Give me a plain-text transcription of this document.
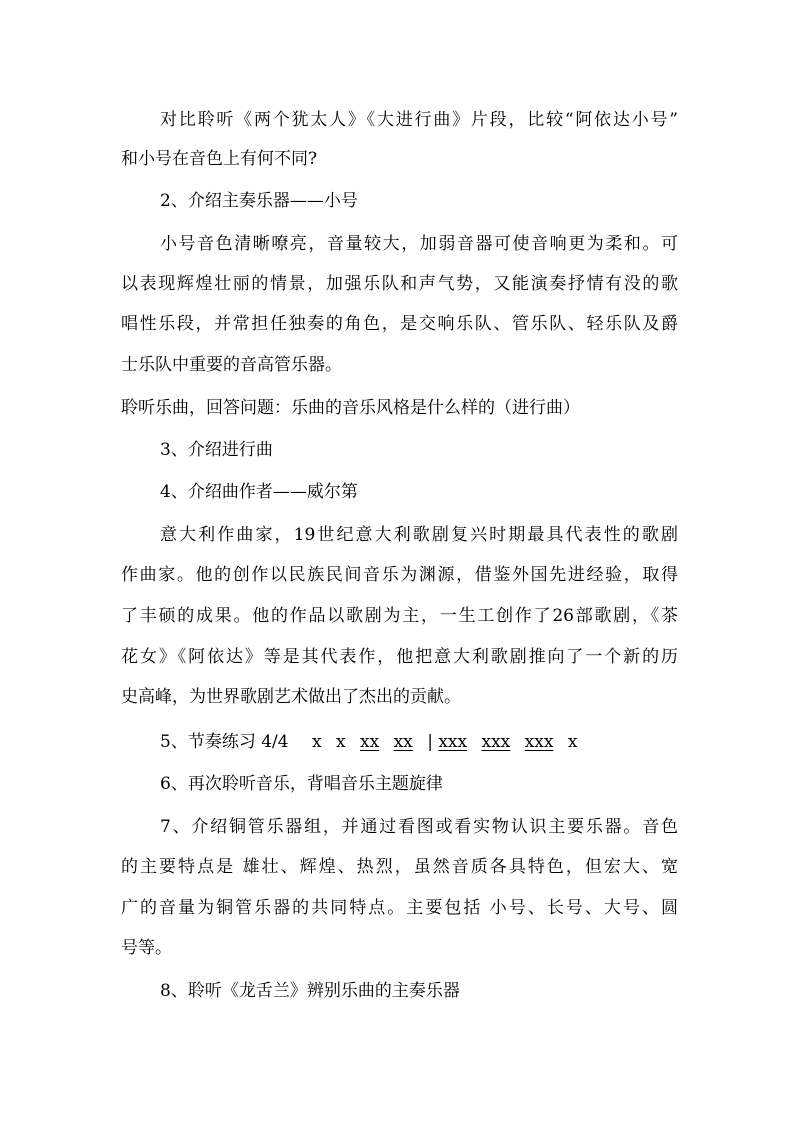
对比聆听《两个犹太人》《大进行曲》片段，比较“阿依达小号”
和小号在音色上有何不同?
2、介绍主奏乐器——小号
小号音色清晰嘹亮，音量较大，加弱音器可使音响更为柔和。可
以表现辉煌壮丽的情景，加强乐队和声气势，又能演奏抒情有没的歌
唱性乐段，并常担任独奏的角色，是交响乐队、管乐队、轻乐队及爵
士乐队中重要的音高管乐器。
聆听乐曲，回答问题：乐曲的音乐风格是什么样的（进行曲）
3、介绍进行曲
4、介绍曲作者——威尔第
意大利作曲家，19世纪意大利歌剧复兴时期最具代表性的歌剧
作曲家。他的创作以民族民间音乐为渊源，借鉴外国先进经验，取得
了丰硕的成果。他的作品以歌剧为主，一生工创作了26部歌剧，《茶
花女》《阿依达》等是其代表作，他把意大利歌剧推向了一个新的历
史高峰，为世界歌剧艺术做出了杰出的贡献。
5、节奏练习 4/4 x x xx xx | xxx xxx xxx x
6、再次聆听音乐，背唱音乐主题旋律
7、介绍铜管乐器组，并通过看图或看实物认识主要乐器。音色
的主要特点是 雄壮、辉煌、热烈，虽然音质各具特色，但宏大、宽
广的音量为铜管乐器的共同特点。主要包括 小号、长号、大号、圆
号等。
8、聆听《龙舌兰》辨别乐曲的主奏乐器
